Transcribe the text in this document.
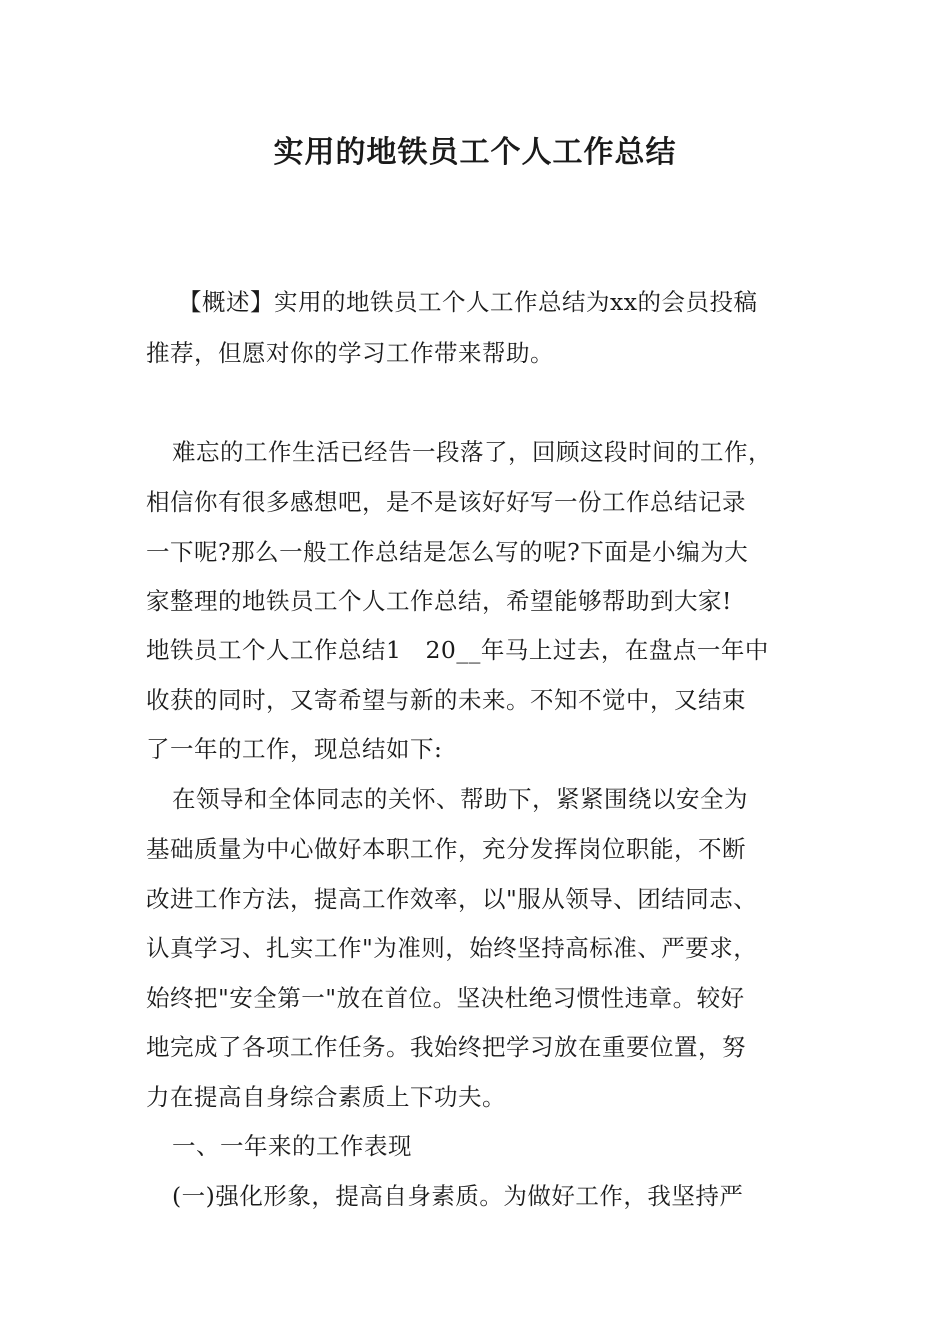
实用的地铁员工个人工作总结
【概述】实用的地铁员工个人工作总结为xx的会员投稿
推荐，但愿对你的学习工作带来帮助。
难忘的工作生活已经告一段落了，回顾这段时间的工作，
相信你有很多感想吧，是不是该好好写一份工作总结记录
一下呢?那么一般工作总结是怎么写的呢?下面是小编为大
家整理的地铁员工个人工作总结，希望能够帮助到大家!
地铁员工个人工作总结1　20__年马上过去，在盘点一年中
收获的同时，又寄希望与新的未来。不知不觉中，又结束
了一年的工作，现总结如下:
在领导和全体同志的关怀、帮助下，紧紧围绕以安全为
基础质量为中心做好本职工作，充分发挥岗位职能，不断
改进工作方法，提高工作效率，以"服从领导、团结同志、
认真学习、扎实工作"为准则，始终坚持高标准、严要求，
始终把"安全第一"放在首位。坚决杜绝习惯性违章。较好
地完成了各项工作任务。我始终把学习放在重要位置，努
力在提高自身综合素质上下功夫。
一、一年来的工作表现
(一)强化形象，提高自身素质。为做好工作，我坚持严
